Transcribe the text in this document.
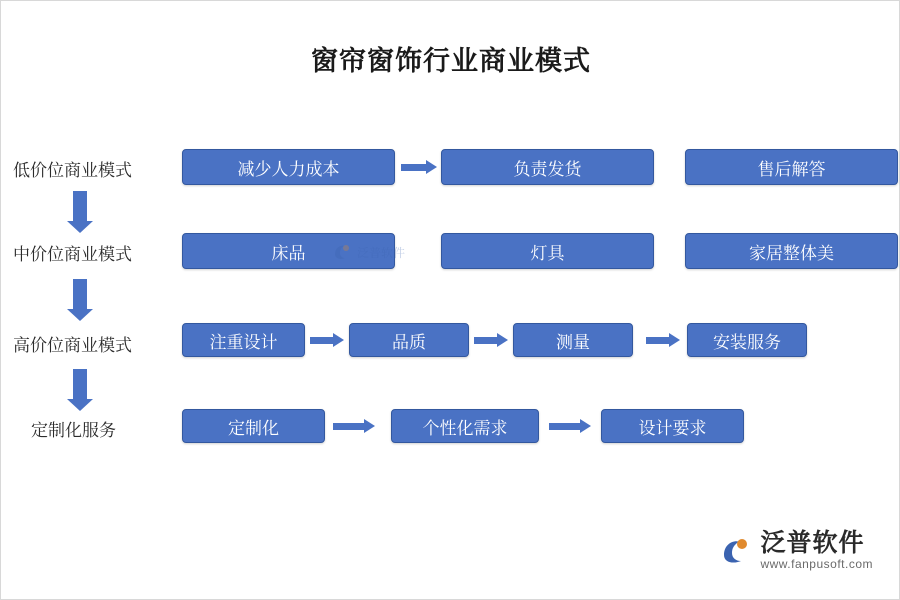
窗帘窗饰行业商业模式
低价位商业模式	减少人力成本	负责发货	售后解答
中价位商业模式	床品	灯具	家居整体美
泛普软件
高价位商业模式	注重设计	品质	测量	安装服务
定制化服务	定制化	个性化需求	设计要求
泛普软件
www.fanpusoft.com
